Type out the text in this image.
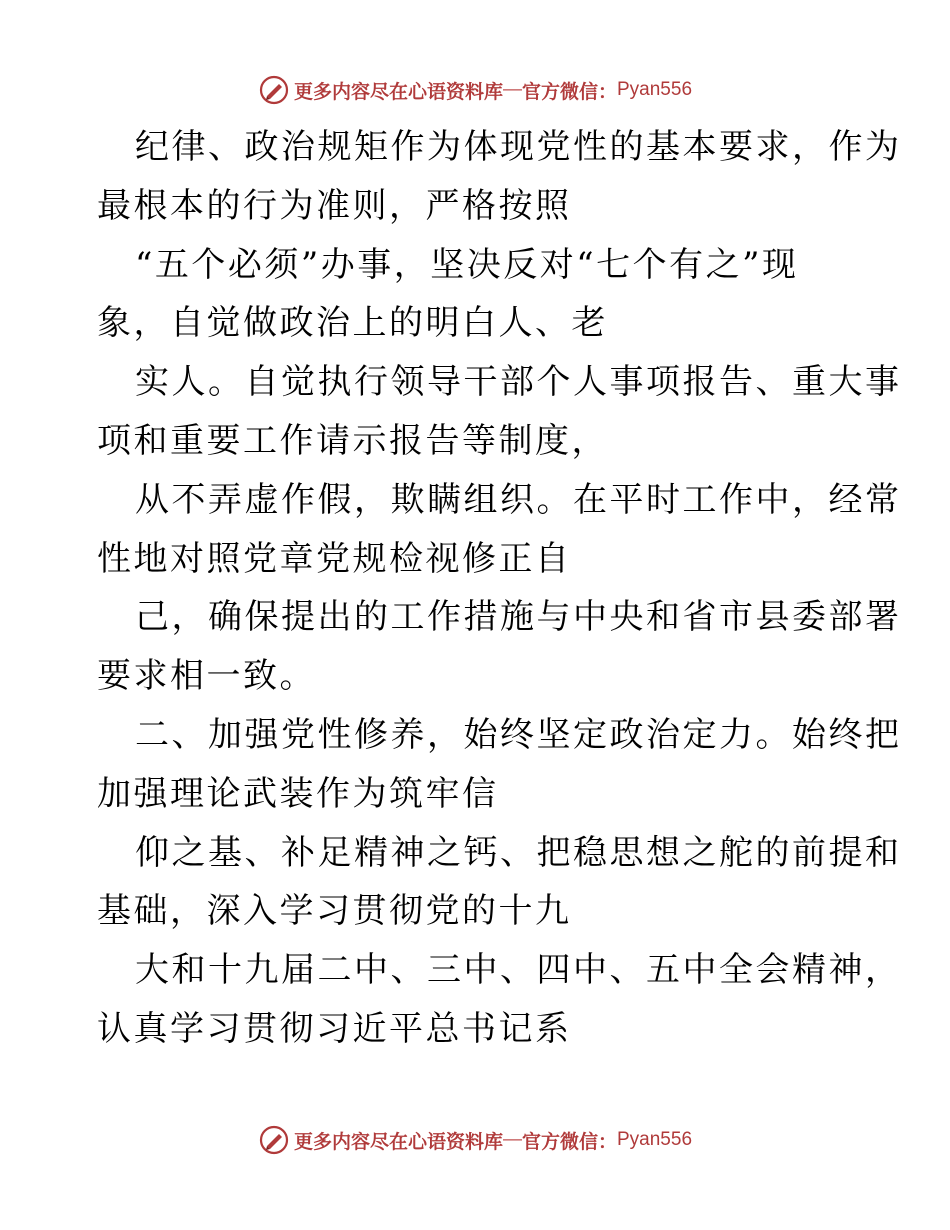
更多内容尽在心语资料库 — 官方微信： Pyan556
纪律、政治规矩作为体现党性的基本要求，作为
最根本的行为准则，严格按照
“五个必须”办事，坚决反对“七个有之”现
象，自觉做政治上的明白人、老
实人。自觉执行领导干部个人事项报告、重大事
项和重要工作请示报告等制度，
从不弄虚作假，欺瞒组织。在平时工作中，经常
性地对照党章党规检视修正自
己，确保提出的工作措施与中央和省市县委部署
要求相一致。
二、加强党性修养，始终坚定政治定力。始终把
加强理论武装作为筑牢信
仰之基、补足精神之钙、把稳思想之舵的前提和
基础，深入学习贯彻党的十九
大和十九届二中、三中、四中、五中全会精神，
认真学习贯彻习近平总书记系
更多内容尽在心语资料库 — 官方微信： Pyan556
